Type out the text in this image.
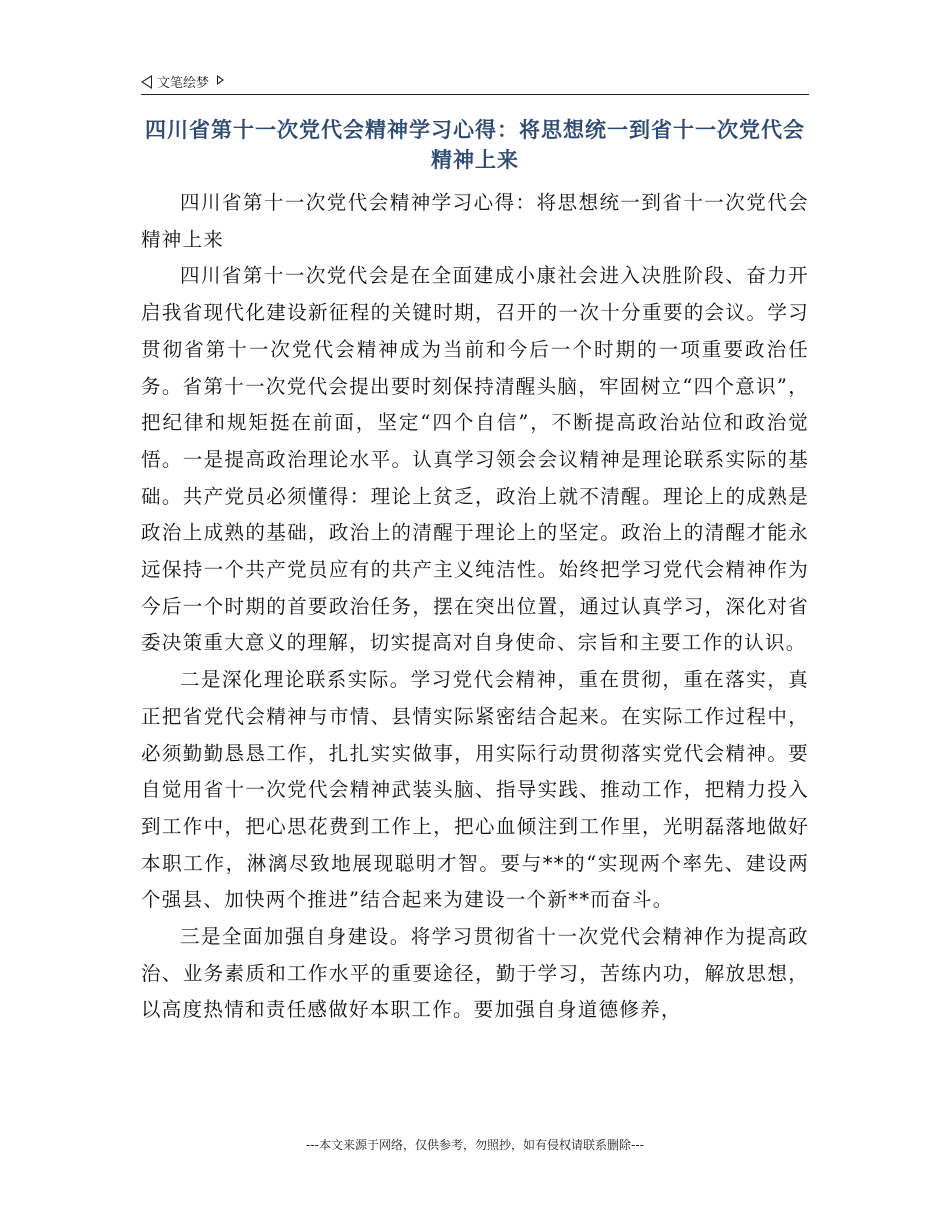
文笔绘梦
四川省第十一次党代会精神学习心得：将思想统一到省十一次党代会精神上来

四川省第十一次党代会精神学习心得：将思想统一到省十一次党代会精神上来

四川省第十一次党代会是在全面建成小康社会进入决胜阶段、奋力开启我省现代化建设新征程的关键时期，召开的一次十分重要的会议。学习贯彻省第十一次党代会精神成为当前和今后一个时期的一项重要政治任务。省第十一次党代会提出要时刻保持清醒头脑，牢固树立“四个意识”，把纪律和规矩挺在前面，坚定“四个自信”，不断提高政治站位和政治觉悟。一是提高政治理论水平。认真学习领会会议精神是理论联系实际的基础。共产党员必须懂得：理论上贫乏，政治上就不清醒。理论上的成熟是政治上成熟的基础，政治上的清醒于理论上的坚定。政治上的清醒才能永远保持一个共产党员应有的共产主义纯洁性。始终把学习党代会精神作为今后一个时期的首要政治任务，摆在突出位置，通过认真学习，深化对省委决策重大意义的理解，切实提高对自身使命、宗旨和主要工作的认识。

二是深化理论联系实际。学习党代会精神，重在贯彻，重在落实，真正把省党代会精神与市情、县情实际紧密结合起来。在实际工作过程中，必须勤勤恳恳工作，扎扎实实做事，用实际行动贯彻落实党代会精神。要自觉用省十一次党代会精神武装头脑、指导实践、推动工作，把精力投入到工作中，把心思花费到工作上，把心血倾注到工作里，光明磊落地做好本职工作，淋漓尽致地展现聪明才智。要与**的“实现两个率先、建设两个强县、加快两个推进”结合起来为建设一个新**而奋斗。

三是全面加强自身建设。将学习贯彻省十一次党代会精神作为提高政治、业务素质和工作水平的重要途径，勤于学习，苦练内功，解放思想，以高度热情和责任感做好本职工作。要加强自身道德修养，

---本文来源于网络，仅供参考，勿照抄，如有侵权请联系删除---
